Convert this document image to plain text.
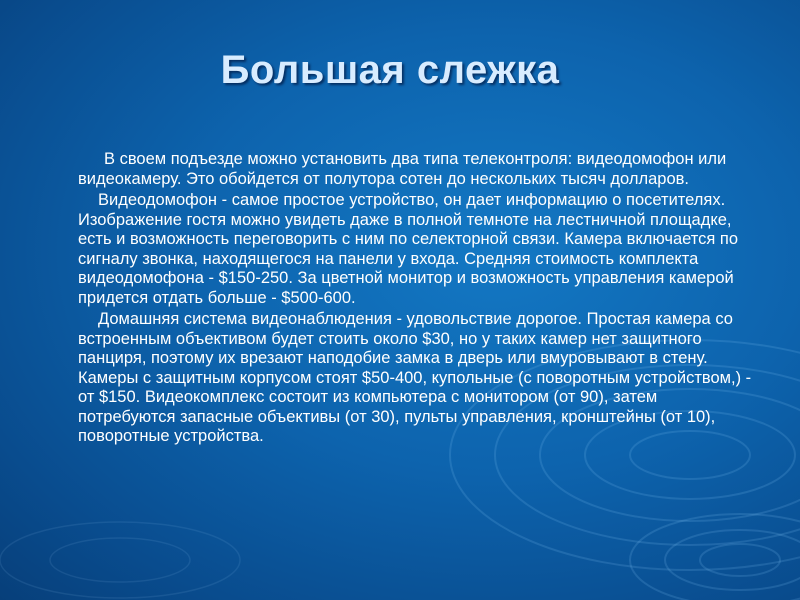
Большая слежка

В своем подъезде можно установить два типа телеконтроля: видеодомофон или видеокамеру. Это обойдется от полутора сотен до нескольких тысяч долларов.

Видеодомофон - самое простое устройство, он дает информацию о посетителях. Изображение гостя можно увидеть даже в полной темноте на лестничной площадке, есть и возможность переговорить с ним по селекторной связи. Камера включается по сигналу звонка, находящегося на панели у входа. Средняя стоимость комплекта видеодомофона - $150-250. За цветной монитор и возможность управления камерой придется отдать больше - $500-600.

Домашняя система видеонаблюдения - удовольствие дорогое. Простая камера со встроенным объективом будет стоить около $30, но у таких камер нет защитного панциря, поэтому их врезают наподобие замка в дверь или вмуровывают в стену. Камеры с защитным корпусом стоят $50-400, купольные (с поворотным устройством,) - от $150. Видеокомплекс состоит из компьютера с монитором (от 90), затем потребуются запасные объективы (от 30), пульты управления, кронштейны (от 10), поворотные устройства.
